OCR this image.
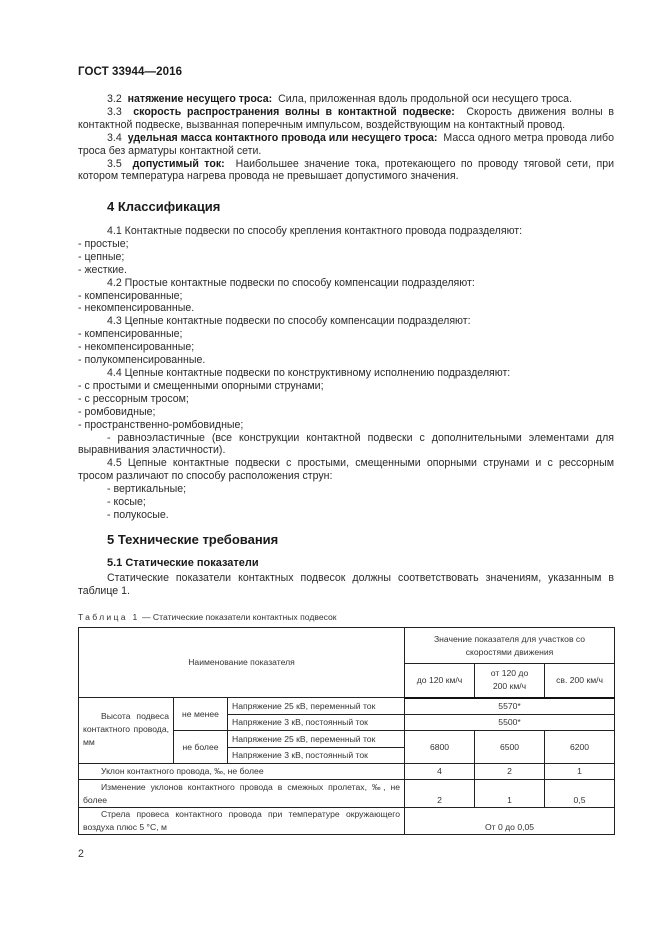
ГОСТ 33944—2016

3.2 натяжение несущего троса: Сила, приложенная вдоль продольной оси несущего троса.

3.3 скорость распространения волны в контактной подвеске: Скорость движения волны в контактной подвеске, вызванная поперечным импульсом, воздействующим на контактный провод.

3.4 удельная масса контактного провода или несущего троса: Масса одного метра провода либо троса без арматуры контактной сети.

3.5 допустимый ток: Наибольшее значение тока, протекающего по проводу тяговой сети, при котором температура нагрева провода не превышает допустимого значения.

4 Классификация

4.1 Контактные подвески по способу крепления контактного провода подразделяют:

- простые;

- цепные;

- жесткие.

4.2 Простые контактные подвески по способу компенсации подразделяют:

- компенсированные;

- некомпенсированные.

4.3 Цепные контактные подвески по способу компенсации подразделяют:

- компенсированные;

- некомпенсированные;

- полукомпенсированные.

4.4 Цепные контактные подвески по конструктивному исполнению подразделяют:

- с простыми и смещенными опорными струнами;

- с рессорным тросом;

- ромбовидные;

- пространственно-ромбовидные;

- равноэластичные (все конструкции контактной подвески с дополнительными элементами для выравнивания эластичности).

4.5 Цепные контактные подвески с простыми, смещенными опорными струнами и с рессорным тросом различают по способу расположения струн:

- вертикальные;

- косые;

- полукосые.

5 Технические требования
5.1 Статические показатели

Статические показатели контактных подвесок должны соответствовать значениям, указанным в таблице 1.

Таблица 1 — Статические показатели контактных подвесок
Наименование показателя			Значение показателя для участков со скоростями движения		
			до 120 км/ч	от 120 до 200 км/ч	св. 200 км/ч
Высота подвеса контактного провода, мм	не менее	Напряжение 25 кВ, переменный ток	5570*		
		Напряжение 3 кВ, постоянный ток	5500*		
	не более	Напряжение 25 кВ, переменный ток	6800	6500	6200
		Напряжение 3 кВ, постоянный ток			
Уклон контактного провода, ‰, не более			4	2	1
Изменение уклонов контактного провода в смежных пролетах, ‰, не более			2	1	0,5
Стрела провеса контактного провода при температуре окружающего воздуха плюс 5 °С, м			От 0 до 0,05		
2
